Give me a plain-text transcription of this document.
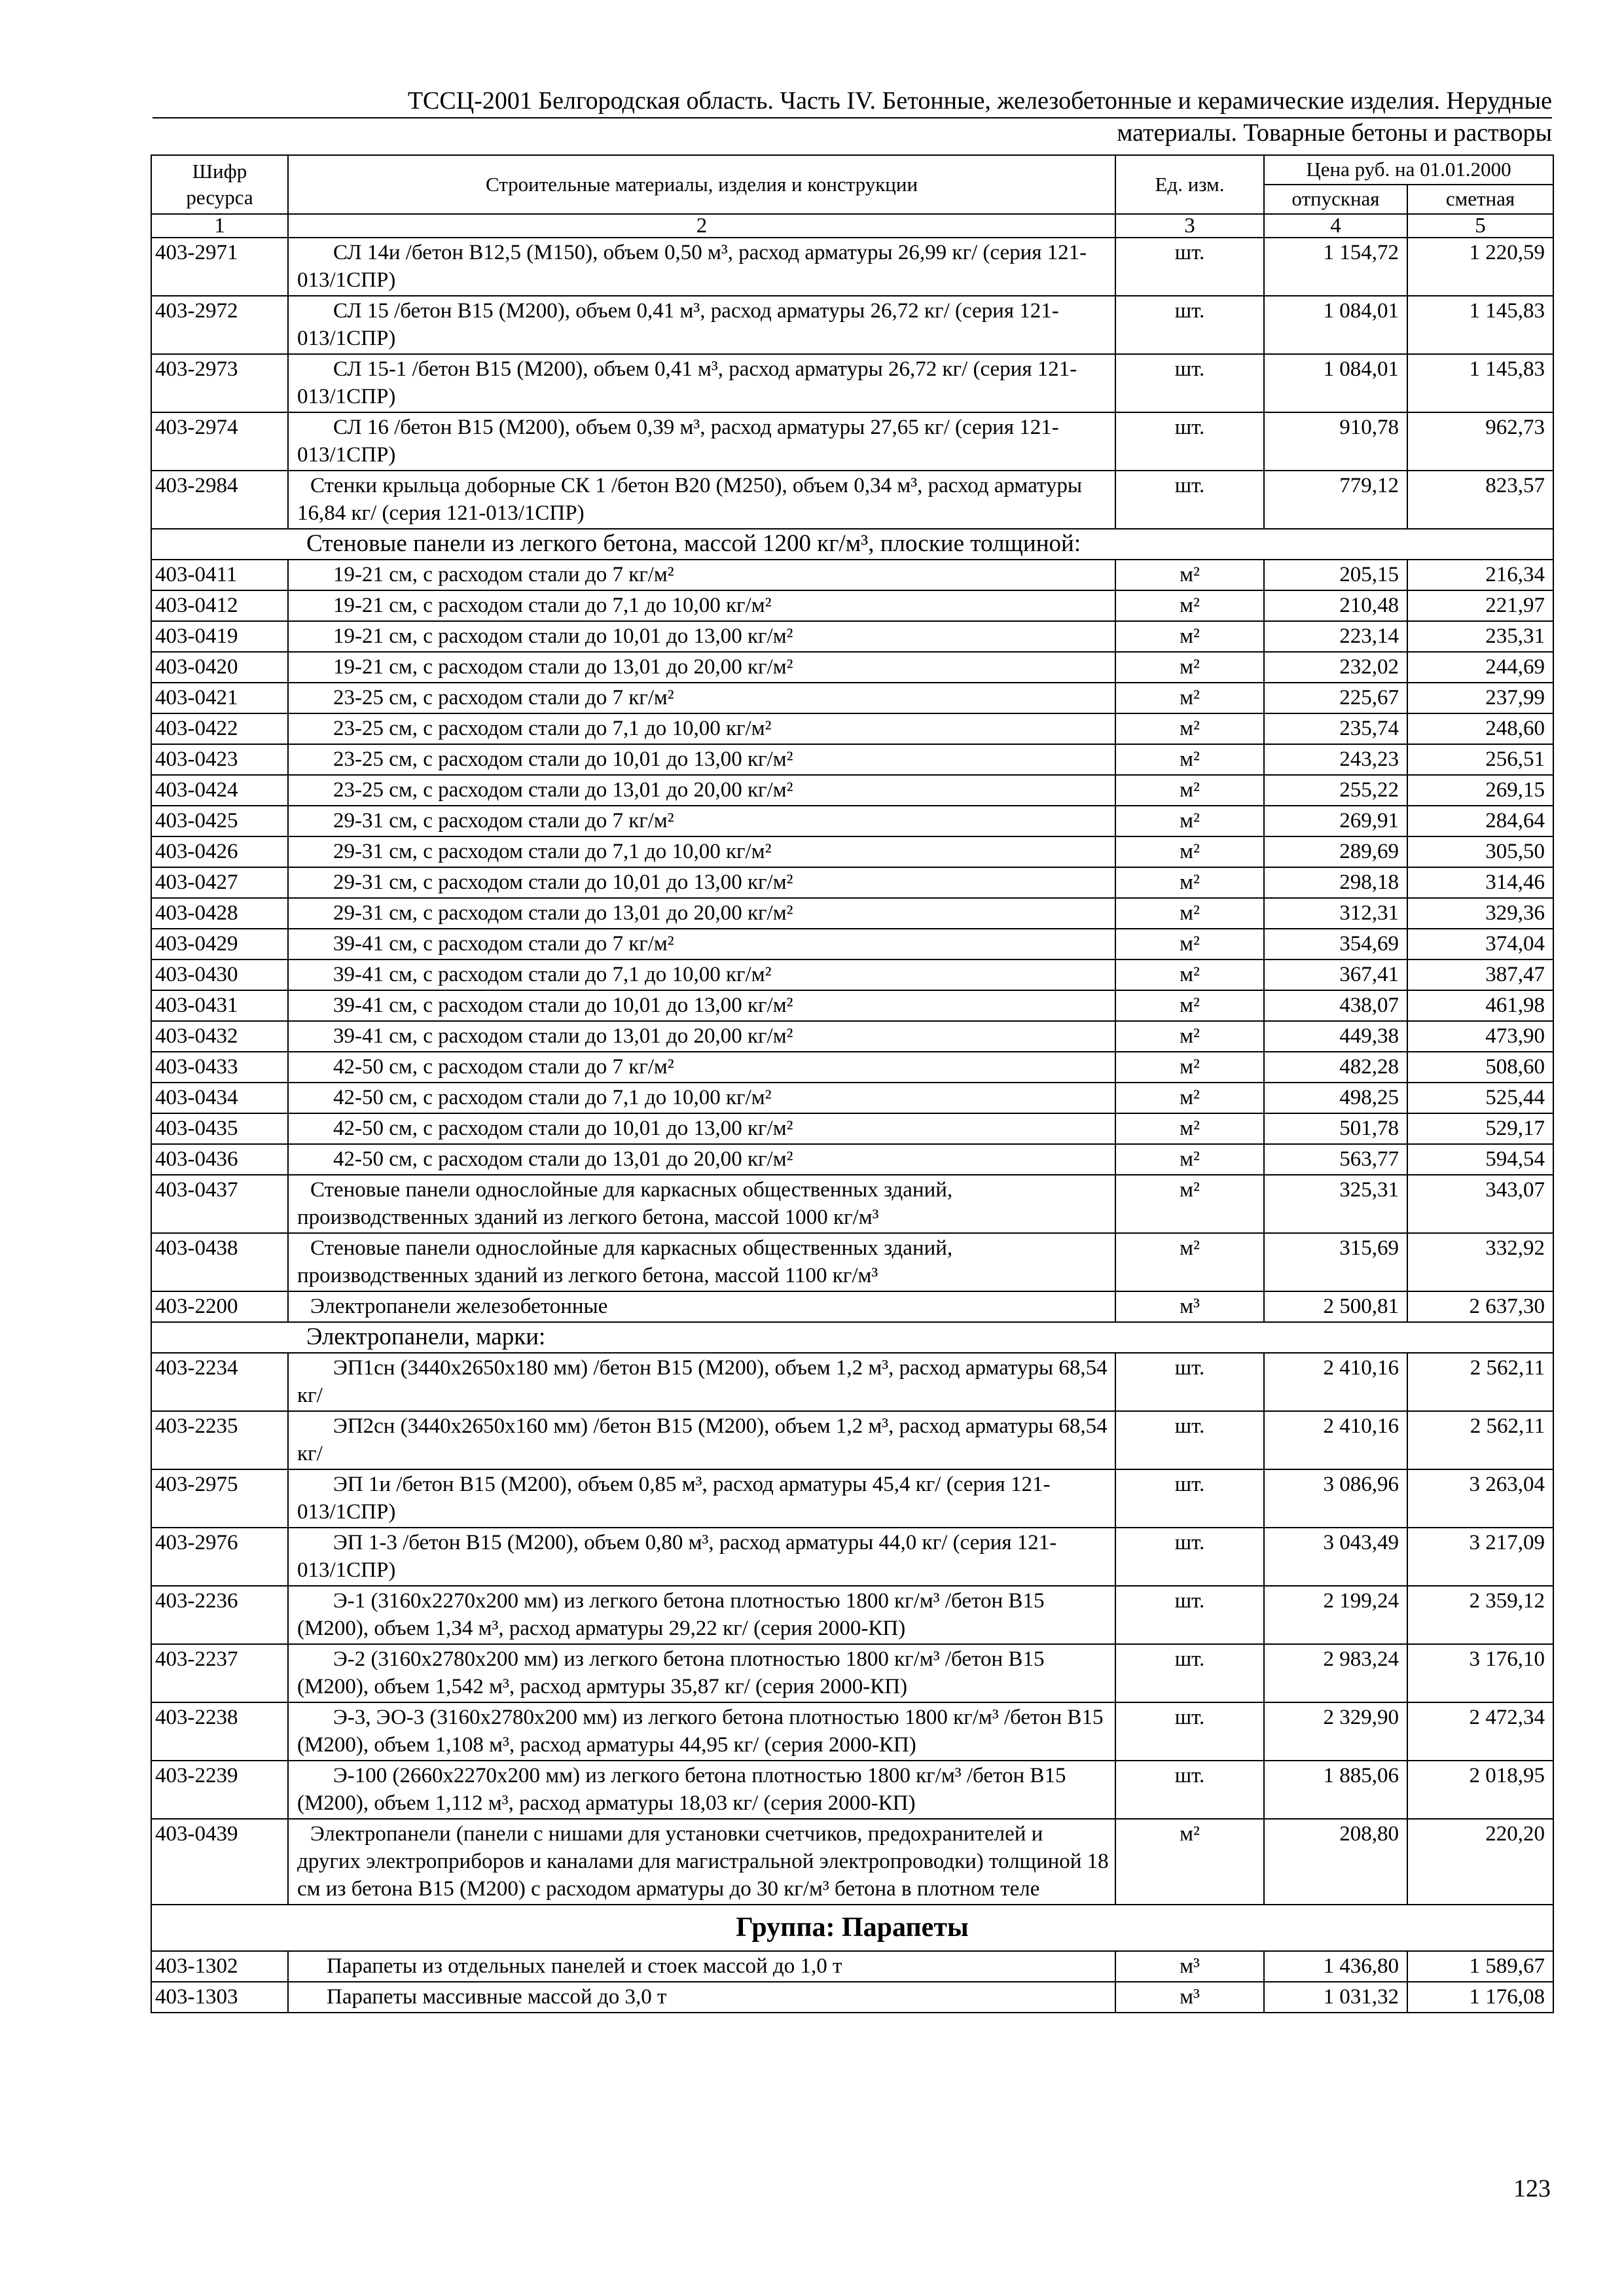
ТССЦ-2001 Белгородская область. Часть IV. Бетонные, железобетонные и керамические изделия. Нерудные
материалы. Товарные бетоны и растворы
Шифр ресурса	Строительные материалы, изделия и конструкции	Ед. изм.	Цена руб. на 01.01.2000	
			отпускная	сметная
1	2	3	4	5
403-2971	СЛ 14и /бетон В12,5 (М150), объем 0,50 м³, расход арматуры 26,99 кг/ (серия 121-013/1СПР)	шт.	1 154,72	1 220,59
403-2972	СЛ 15 /бетон В15 (М200), объем 0,41 м³, расход арматуры 26,72 кг/ (серия 121-013/1СПР)	шт.	1 084,01	1 145,83
403-2973	СЛ 15-1 /бетон В15 (М200), объем 0,41 м³, расход арматуры 26,72 кг/ (серия 121-013/1СПР)	шт.	1 084,01	1 145,83
403-2974	СЛ 16 /бетон В15 (М200), объем 0,39 м³, расход арматуры 27,65 кг/ (серия 121-013/1СПР)	шт.	910,78	962,73
403-2984	Стенки крыльца доборные СК 1 /бетон В20 (М250), объем 0,34 м³, расход арматуры 16,84 кг/ (серия 121-013/1СПР)	шт.	779,12	823,57
Стеновые панели из легкого бетона, массой 1200 кг/м³, плоские толщиной:				
403-0411	19-21 см, с расходом стали до 7 кг/м²	м²	205,15	216,34
403-0412	19-21 см, с расходом стали до 7,1 до 10,00 кг/м²	м²	210,48	221,97
403-0419	19-21 см, с расходом стали до 10,01 до 13,00 кг/м²	м²	223,14	235,31
403-0420	19-21 см, с расходом стали до 13,01 до 20,00 кг/м²	м²	232,02	244,69
403-0421	23-25 см, с расходом стали до 7 кг/м²	м²	225,67	237,99
403-0422	23-25 см, с расходом стали до 7,1 до 10,00 кг/м²	м²	235,74	248,60
403-0423	23-25 см, с расходом стали до 10,01 до 13,00 кг/м²	м²	243,23	256,51
403-0424	23-25 см, с расходом стали до 13,01 до 20,00 кг/м²	м²	255,22	269,15
403-0425	29-31 см, с расходом стали до 7 кг/м²	м²	269,91	284,64
403-0426	29-31 см, с расходом стали до 7,1 до 10,00 кг/м²	м²	289,69	305,50
403-0427	29-31 см, с расходом стали до 10,01 до 13,00 кг/м²	м²	298,18	314,46
403-0428	29-31 см, с расходом стали до 13,01 до 20,00 кг/м²	м²	312,31	329,36
403-0429	39-41 см, с расходом стали до 7 кг/м²	м²	354,69	374,04
403-0430	39-41 см, с расходом стали до 7,1 до 10,00 кг/м²	м²	367,41	387,47
403-0431	39-41 см, с расходом стали до 10,01 до 13,00 кг/м²	м²	438,07	461,98
403-0432	39-41 см, с расходом стали до 13,01 до 20,00 кг/м²	м²	449,38	473,90
403-0433	42-50 см, с расходом стали до 7 кг/м²	м²	482,28	508,60
403-0434	42-50 см, с расходом стали до 7,1 до 10,00 кг/м²	м²	498,25	525,44
403-0435	42-50 см, с расходом стали до 10,01 до 13,00 кг/м²	м²	501,78	529,17
403-0436	42-50 см, с расходом стали до 13,01 до 20,00 кг/м²	м²	563,77	594,54
403-0437	Стеновые панели однослойные для каркасных общественных зданий, производственных зданий из легкого бетона, массой 1000 кг/м³	м²	325,31	343,07
403-0438	Стеновые панели однослойные для каркасных общественных зданий, производственных зданий из легкого бетона, массой 1100 кг/м³	м²	315,69	332,92
403-2200	Электропанели железобетонные	м³	2 500,81	2 637,30
Электропанели, марки:				
403-2234	ЭП1сн (3440х2650х180 мм) /бетон В15 (М200), объем 1,2 м³, расход арматуры 68,54 кг/	шт.	2 410,16	2 562,11
403-2235	ЭП2сн (3440х2650х160 мм) /бетон В15 (М200), объем 1,2 м³, расход арматуры 68,54 кг/	шт.	2 410,16	2 562,11
403-2975	ЭП 1и /бетон В15 (М200), объем 0,85 м³, расход арматуры 45,4 кг/ (серия 121-013/1СПР)	шт.	3 086,96	3 263,04
403-2976	ЭП 1-3 /бетон В15 (М200), объем 0,80 м³, расход арматуры 44,0 кг/ (серия 121-013/1СПР)	шт.	3 043,49	3 217,09
403-2236	Э-1 (3160х2270х200 мм) из легкого бетона плотностью 1800 кг/м³ /бетон В15 (М200), объем 1,34 м³, расход арматуры 29,22 кг/ (серия 2000-КП)	шт.	2 199,24	2 359,12
403-2237	Э-2 (3160х2780х200 мм) из легкого бетона плотностью 1800 кг/м³ /бетон В15 (М200), объем 1,542 м³, расход армтуры 35,87 кг/ (серия 2000-КП)	шт.	2 983,24	3 176,10
403-2238	Э-3, ЭО-3 (3160х2780х200 мм) из легкого бетона плотностью 1800 кг/м³ /бетон В15 (М200), объем 1,108 м³, расход арматуры 44,95 кг/ (серия 2000-КП)	шт.	2 329,90	2 472,34
403-2239	Э-100 (2660х2270х200 мм) из легкого бетона плотностью 1800 кг/м³ /бетон В15 (М200), объем 1,112 м³, расход арматуры 18,03 кг/ (серия 2000-КП)	шт.	1 885,06	2 018,95
403-0439	Электропанели (панели с нишами для установки счетчиков, предохранителей и других электроприборов и каналами для магистральной электропроводки) толщиной 18 см из бетона В15 (М200) с расходом арматуры до 30 кг/м³ бетона в плотном теле	м²	208,80	220,20
Группа: Парапеты				
403-1302	Парапеты из отдельных панелей и стоек массой до 1,0 т	м³	1 436,80	1 589,67
403-1303	Парапеты массивные массой до 3,0 т	м³	1 031,32	1 176,08
123
